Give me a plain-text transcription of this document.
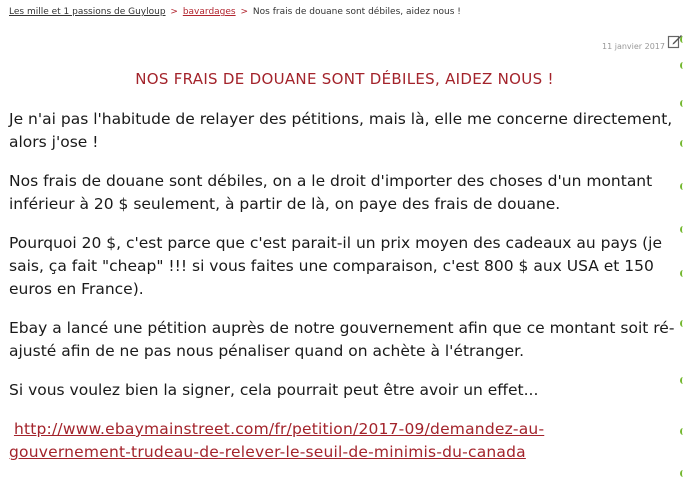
Les mille et 1 passions de Guyloup > bavardages > Nos frais de douane sont débiles, aidez nous !
11 janvier 2017
NOS FRAIS DE DOUANE SONT DÉBILES, AIDEZ NOUS !

Je n'ai pas l'habitude de relayer des pétitions, mais là, elle me concerne directement, alors j'ose !

Nos frais de douane sont débiles, on a le droit d'importer des choses d'un montant inférieur à 20 $ seulement, à partir de là, on paye des frais de douane.

Pourquoi 20 $, c'est parce que c'est parait-il un prix moyen des cadeaux au pays (je sais, ça fait "cheap" !!! si vous faites une comparaison, c'est 800 $ aux USA et 150 euros en France).

Ebay a lancé une pétition auprès de notre gouvernement afin que ce montant soit ré-ajusté afin de ne pas nous pénaliser quand on achète à l'étranger.

Si vous voulez bien la signer, cela pourrait peut être avoir un effet...

http://www.ebaymainstreet.com/fr/petition/2017-09/demandez-au-
gouvernement-trudeau-de-relever-le-seuil-de-minimis-du-canada
